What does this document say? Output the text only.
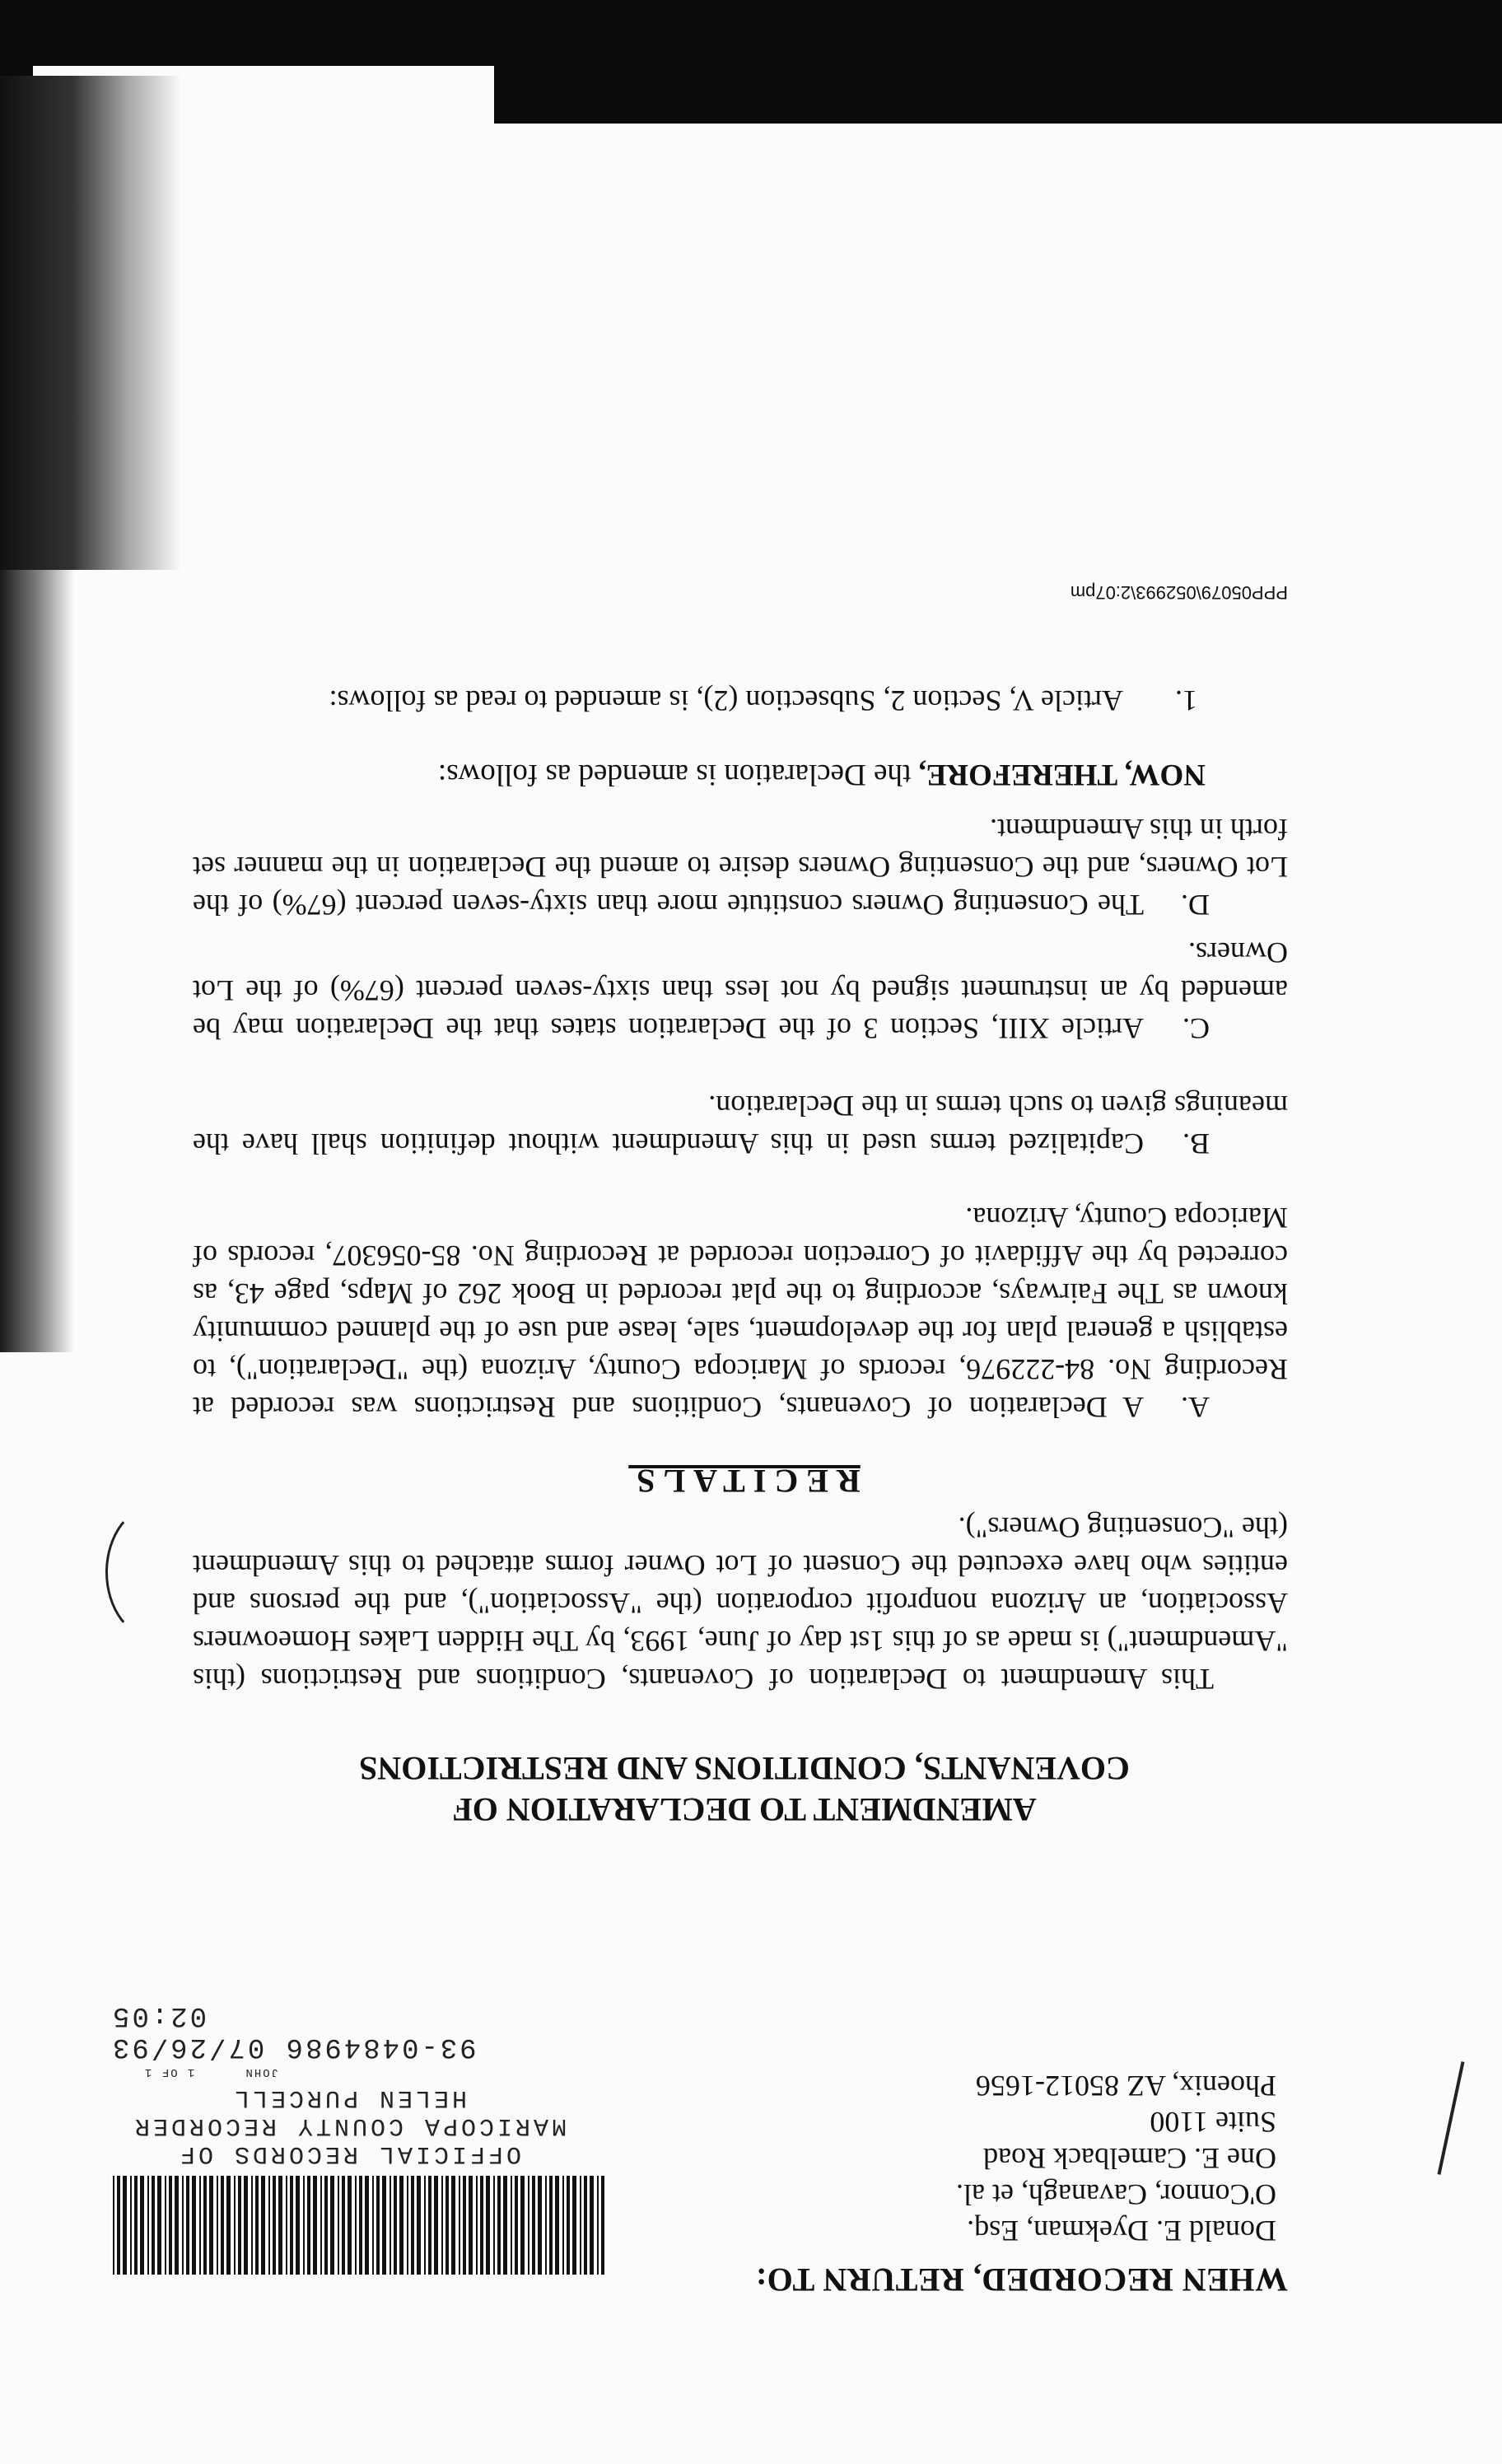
WHEN RECORDED, RETURN TO:
Donald E. Dyekman, Esq.
O'Connor, Cavanagh, et al.
One E. Camelback Road
Suite 1100
Phoenix, AZ 85012-1656
OFFICIAL RECORDS OF
MARICOPA COUNTY RECORDER
HELEN PURCELL
JOHN
1 OF 1
93-0484986 07/26/93 02:05
AMENDMENT TO DECLARATION OF
COVENANTS, CONDITIONS AND RESTRICTIONS
This Amendment to Declaration of Covenants, Conditions and Restrictions (this "Amendment") is made as of this 1st day of June, 1993, by The Hidden Lakes Homeowners Association, an Arizona nonprofit corporation (the "Association"), and the persons and entities who have executed the Consent of Lot Owner forms attached to this Amendment (the "Consenting Owners").
RECITALS
A.A Declaration of Covenants, Conditions and Restrictions was recorded at Recording No. 84-222976, records of Maricopa County, Arizona (the "Declaration"), to establish a general plan for the development, sale, lease and use of the planned community known as The Fairways, according to the plat recorded in Book 262 of Maps, page 43, as corrected by the Affidavit of Correction recorded at Recording No. 85-056307, records of Maricopa County, Arizona.
B.Capitalized terms used in this Amendment without definition shall have the meanings given to such terms in the Declaration.
C.Article XIII, Section 3 of the Declaration states that the Declaration may be amended by an instrument signed by not less than sixty-seven percent (67%) of the Lot Owners.
D.The Consenting Owners constitute more than sixty-seven percent (67%) of the Lot Owners, and the Consenting Owners desire to amend the Declaration in the manner set forth in this Amendment.
NOW, THEREFORE, the Declaration is amended as follows:
1.Article V, Section 2, Subsection (2), is amended to read as follows:
PPP05079\052993\2:07pm
